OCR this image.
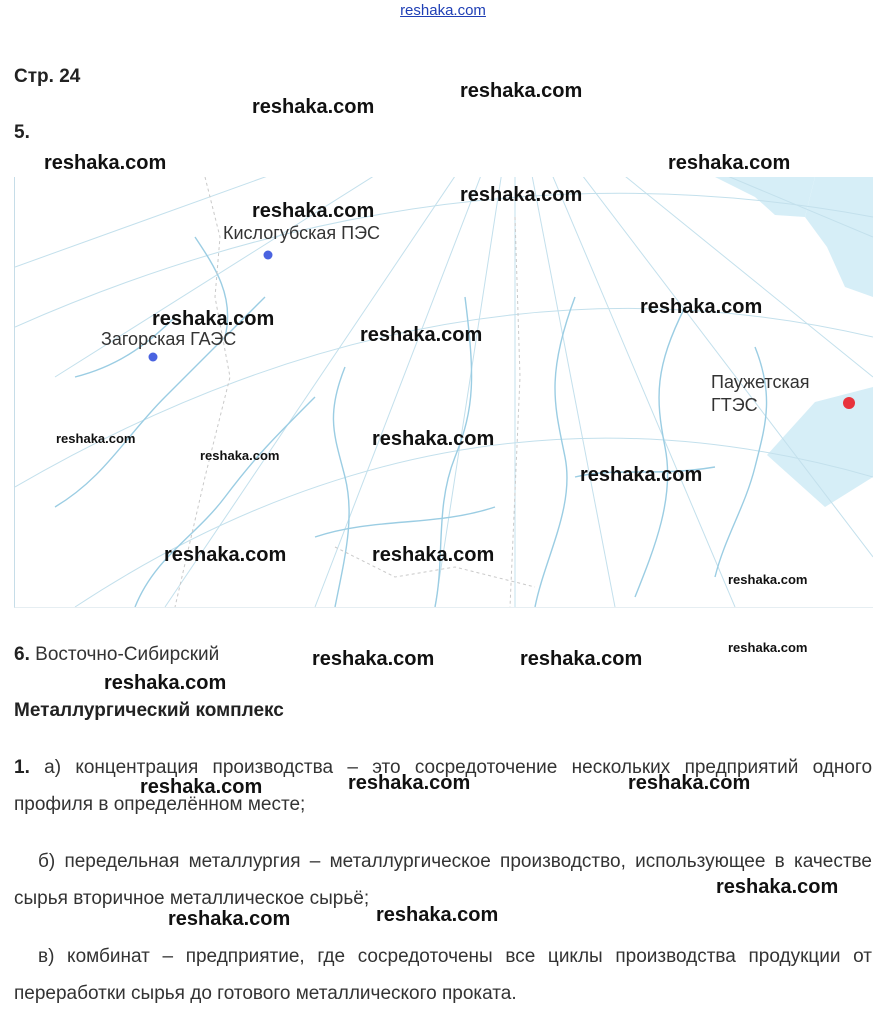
reshaka.com
Стр. 24
5.
Кислогубская ПЭС
Загорская ГАЭС
Паужетская
ГТЭС
6. Восточно-Сибирский
Металлургический комплекс
1. а) концентрация производства – это сосредоточение нескольких предприятий одного профиля в определённом месте;
б) передельная металлургия – металлургическое производство, использующее в качестве сырья вторичное металлическое сырьё;
в) комбинат – предприятие, где сосредоточены все циклы производства продукции от переработки сырья до готового металлического проката.
reshaka.com
reshaka.com
reshaka.com	reshaka.com
reshaka.com
reshaka.com
reshaka.com
reshaka.com
reshaka.com
reshaka.com
reshaka.com
reshaka.com
reshaka.com
reshaka.com	reshaka.com
reshaka.com
reshaka.com	reshaka.com
reshaka.com
reshaka.com
reshaka.com	reshaka.com	reshaka.com
reshaka.com
reshaka.com	reshaka.com
